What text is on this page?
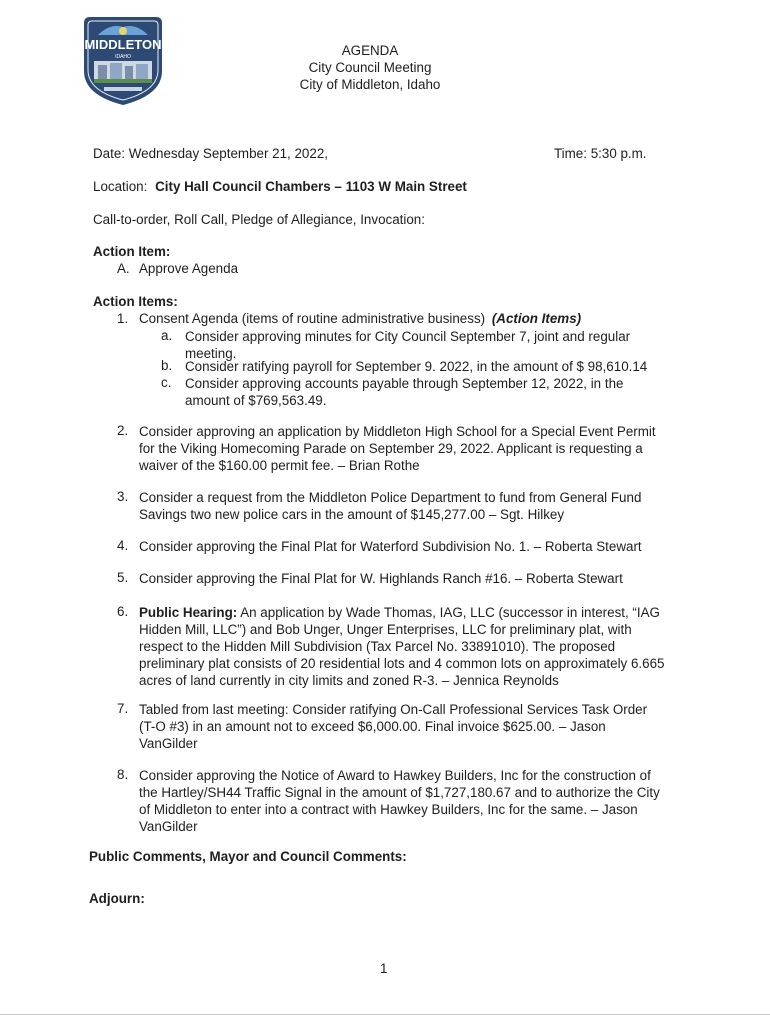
MIDDLETON
IDAHO	AGENDA
City Council Meeting
City of Middleton, Idaho
Date: Wednesday September 21, 2022,	Time: 5:30 p.m.
Location: City Hall Council Chambers – 1103 W Main Street
Call-to-order, Roll Call, Pledge of Allegiance, Invocation:
Action Item:
A. Approve Agenda
Action Items:
1. Consent Agenda (items of routine administrative business) (Action Items)
a. Consider approving minutes for City Council September 7, joint and regular
meeting.
b. Consider ratifying payroll for September 9. 2022, in the amount of $ 98,610.14
c. Consider approving accounts payable through September 12, 2022, in the
amount of $769,563.49.
2. Consider approving an application by Middleton High School for a Special Event Permit
for the Viking Homecoming Parade on September 29, 2022. Applicant is requesting a
waiver of the $160.00 permit fee. – Brian Rothe
3. Consider a request from the Middleton Police Department to fund from General Fund
Savings two new police cars in the amount of $145,277.00 – Sgt. Hilkey
4. Consider approving the Final Plat for Waterford Subdivision No. 1. – Roberta Stewart
5. Consider approving the Final Plat for W. Highlands Ranch #16. – Roberta Stewart
6. Public Hearing: An application by Wade Thomas, IAG, LLC (successor in interest, “IAG
Hidden Mill, LLC”) and Bob Unger, Unger Enterprises, LLC for preliminary plat, with
respect to the Hidden Mill Subdivision (Tax Parcel No. 33891010). The proposed
preliminary plat consists of 20 residential lots and 4 common lots on approximately 6.665
acres of land currently in city limits and zoned R-3. – Jennica Reynolds
7. Tabled from last meeting: Consider ratifying On-Call Professional Services Task Order
(T-O #3) in an amount not to exceed $6,000.00. Final invoice $625.00. – Jason
VanGilder
8. Consider approving the Notice of Award to Hawkey Builders, Inc for the construction of
the Hartley/SH44 Traffic Signal in the amount of $1,727,180.67 and to authorize the City
of Middleton to enter into a contract with Hawkey Builders, Inc for the same. – Jason
VanGilder
Public Comments, Mayor and Council Comments:
Adjourn:
1
